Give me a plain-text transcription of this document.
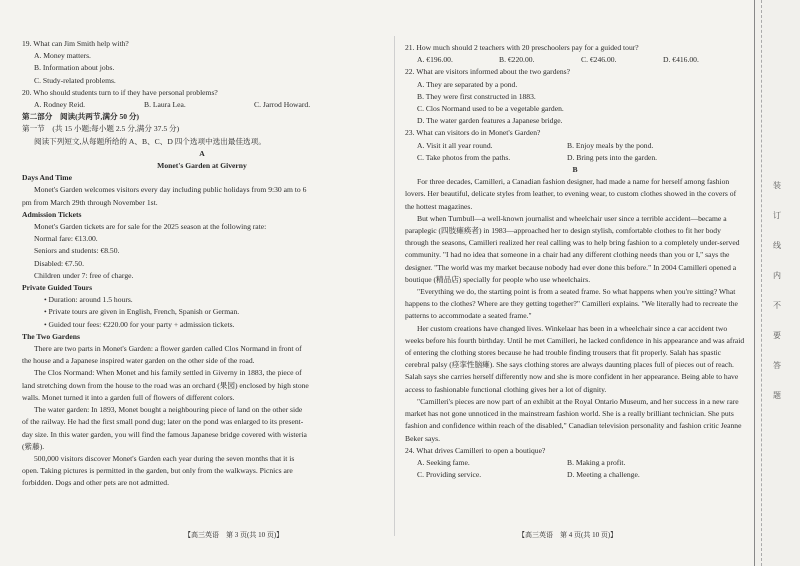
19. What can Jim Smith help with?

A. Money matters.

B. Information about jobs.

C. Study-related problems.

20. Who should students turn to if they have personal problems?

A. Rodney Reid.	B. Laura Lea.	C. Jarrod Howard.

第二部分　阅读(共两节,满分 50 分)

第一节　(共 15 小题;每小题 2.5 分,满分 37.5 分)

阅读下列短文,从每题所给的 A、B、C、D 四个选项中选出最佳选项。

A

Monet's Garden at Giverny

Days And Time

Monet's Garden welcomes visitors every day including public holidays from 9:30 am to 6

pm from March 29th through November 1st.

Admission Tickets

Monet's Garden tickets are for sale for the 2025 season at the following rate:

Normal fare: €13.00.

Seniors and students: €8.50.

Disabled: €7.50.

Children under 7: free of charge.

Private Guided Tours

• Duration: around 1.5 hours.

• Private tours are given in English, French, Spanish or German.

• Guided tour fees: €220.00 for your party + admission tickets.

The Two Gardens

There are two parts in Monet's Garden: a flower garden called Clos Normand in front of

the house and a Japanese inspired water garden on the other side of the road.

The Clos Normand: When Monet and his family settled in Giverny in 1883, the piece of

land stretching down from the house to the road was an orchard (果园) enclosed by high stone

walls. Monet turned it into a garden full of flowers of different colors.

The water garden: In 1893, Monet bought a neighbouring piece of land on the other side

of the railway. He had the first small pond dug; later on the pond was enlarged to its present-

day size. In this water garden, you will find the famous Japanese bridge covered with wisteria

(紫藤).

500,000 visitors discover Monet's Garden each year during the seven months that it is

open. Taking pictures is permitted in the garden, but only from the walkways. Picnics are

forbidden. Dogs and other pets are not admitted.

21. How much should 2 teachers with 20 preschoolers pay for a guided tour?

A. €196.00.	B. €220.00.	C. €246.00.	D. €416.00.

22. What are visitors informed about the two gardens?

A. They are separated by a pond.

B. They were first constructed in 1883.

C. Clos Normand used to be a vegetable garden.

D. The water garden features a Japanese bridge.

23. What can visitors do in Monet's Garden?

A. Visit it all year round.	B. Enjoy meals by the pond.

C. Take photos from the paths.	D. Bring pets into the garden.

B

For three decades, Camilleri, a Canadian fashion designer, had made a name for herself among fashion lovers. Her beautiful, delicate styles from leather, to evening wear, to custom clothes showed in the covers of the hottest magazines.

But when Turnbull—a well-known journalist and wheelchair user since a terrible accident—became a paraplegic (四肢瘫痪者) in 1983—approached her to design stylish, comfortable clothes to fit her body through the seasons, Camilleri realized her real calling was to help bring fashion to a completely under-served community. "I had no idea that someone in a chair had any different clothing needs than you or I," says the designer. "The world was my market because nobody had ever done this before." In 2004 Camilleri opened a boutique (精品店) specially for people who use wheelchairs.

"Everything we do, the starting point is from a seated frame. So what happens when you're sitting? What happens to the clothes? Where are they getting together?" Camilleri explains. "We literally had to recreate the patterns to accommodate a seated frame."

Her custom creations have changed lives. Winkelaar has been in a wheelchair since a car accident two weeks before his fourth birthday. Until he met Camilleri, he lacked confidence in his appearance and was afraid of entering the clothing stores because he had trouble finding trousers that fit properly. Salah has spastic cerebral palsy (痉挛性脑瘫). She says clothing stores are always daunting places full of pieces out of reach. Salah says she carries herself differently now and she is more confident in her appearance. Being able to have access to fashionable functional clothing gives her a lot of dignity.

"Camilleri's pieces are now part of an exhibit at the Royal Ontario Museum, and her success in a new rare market has not gone unnoticed in the mainstream fashion world. She is a really brilliant technician. She puts fashion and confidence within reach of the disabled," Canadian television personality and fashion critic Jeanne Beker says.

24. What drives Camilleri to open a boutique?

A. Seeking fame.	B. Making a profit.

C. Providing service.	D. Meeting a challenge.

【高三英语　第 3 页(共 10 页)】	【高三英语　第 4 页(共 10 页)】
装
订
线
内
不
要
答
题
